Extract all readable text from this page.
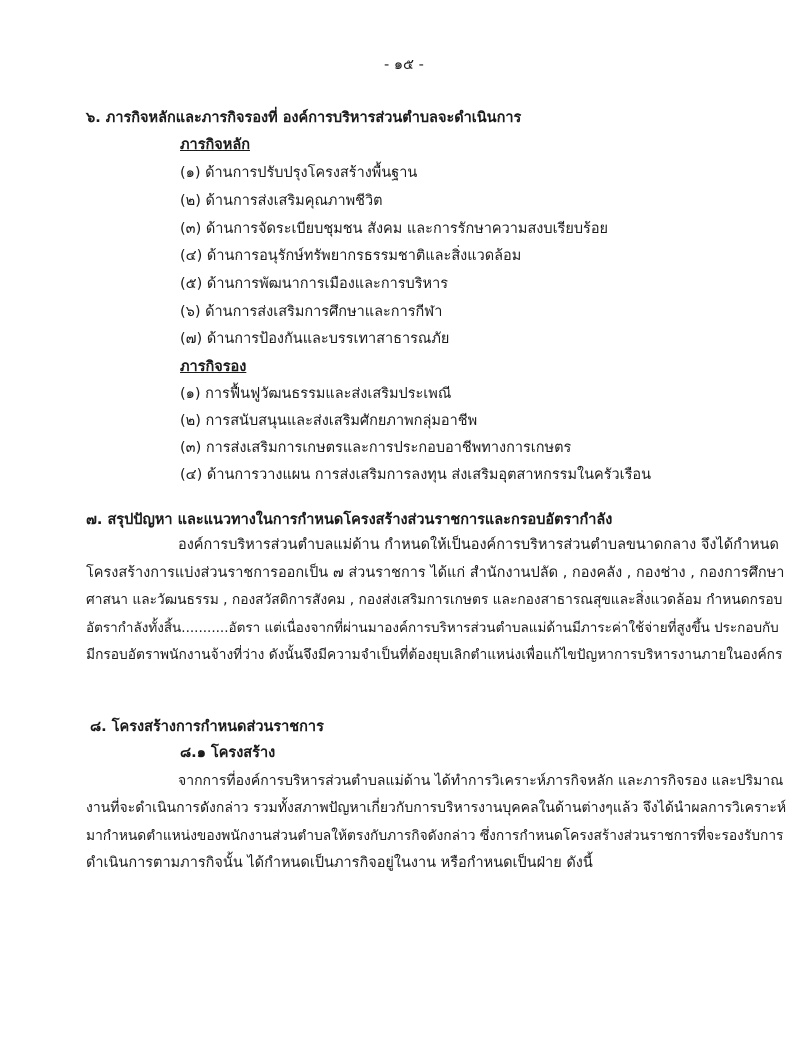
- ๑๕ -
๖. ภารกิจหลักและภารกิจรองที่ องค์การบริหารส่วนตำบลจะดำเนินการ
ภารกิจหลัก
(๑) ด้านการปรับปรุงโครงสร้างพื้นฐาน
(๒) ด้านการส่งเสริมคุณภาพชีวิต
(๓) ด้านการจัดระเบียบชุมชน สังคม และการรักษาความสงบเรียบร้อย
(๔) ด้านการอนุรักษ์ทรัพยากรธรรมชาติและสิ่งแวดล้อม
(๕) ด้านการพัฒนาการเมืองและการบริหาร
(๖) ด้านการส่งเสริมการศึกษาและการกีฬา
(๗) ด้านการป้องกันและบรรเทาสาธารณภัย
ภารกิจรอง
(๑) การฟื้นฟูวัฒนธรรมและส่งเสริมประเพณี
(๒) การสนับสนุนและส่งเสริมศักยภาพกลุ่มอาชีพ
(๓) การส่งเสริมการเกษตรและการประกอบอาชีพทางการเกษตร
(๔) ด้านการวางแผน การส่งเสริมการลงทุน ส่งเสริมอุตสาหกรรมในครัวเรือน
๗. สรุปปัญหา และแนวทางในการกำหนดโครงสร้างส่วนราชการและกรอบอัตรากำลัง
องค์การบริหารส่วนตำบลแม่ด้าน กำหนดให้เป็นองค์การบริหารส่วนตำบลขนาดกลาง จึงได้กำหนด
โครงสร้างการแบ่งส่วนราชการออกเป็น ๗ ส่วนราชการ ได้แก่ สำนักงานปลัด , กองคลัง , กองช่าง , กองการศึกษา
ศาสนา และวัฒนธรรม , กองสวัสดิการสังคม , กองส่งเสริมการเกษตร และกองสาธารณสุขและสิ่งแวดล้อม กำหนดกรอบ
อัตรากำลังทั้งสิ้น...........อัตรา แต่เนื่องจากที่ผ่านมาองค์การบริหารส่วนตำบลแม่ด้านมีภาระค่าใช้จ่ายที่สูงขึ้น ประกอบกับ
มีกรอบอัตราพนักงานจ้างที่ว่าง ดังนั้นจึงมีความจำเป็นที่ต้องยุบเลิกตำแหน่งเพื่อแก้ไขปัญหาการบริหารงานภายในองค์กร
๘. โครงสร้างการกำหนดส่วนราชการ
๘.๑ โครงสร้าง
จากการที่องค์การบริหารส่วนตำบลแม่ด้าน ได้ทำการวิเคราะห์ภารกิจหลัก และภารกิจรอง และปริมาณ
งานที่จะดำเนินการดังกล่าว รวมทั้งสภาพปัญหาเกี่ยวกับการบริหารงานบุคคลในด้านต่างๆแล้ว จึงได้นำผลการวิเคราะห์
มากำหนดตำแหน่งของพนักงานส่วนตำบลให้ตรงกับภารกิจดังกล่าว ซึ่งการกำหนดโครงสร้างส่วนราชการที่จะรองรับการ
ดำเนินการตามภารกิจนั้น ได้กำหนดเป็นภารกิจอยู่ในงาน หรือกำหนดเป็นฝ่าย ดังนี้
